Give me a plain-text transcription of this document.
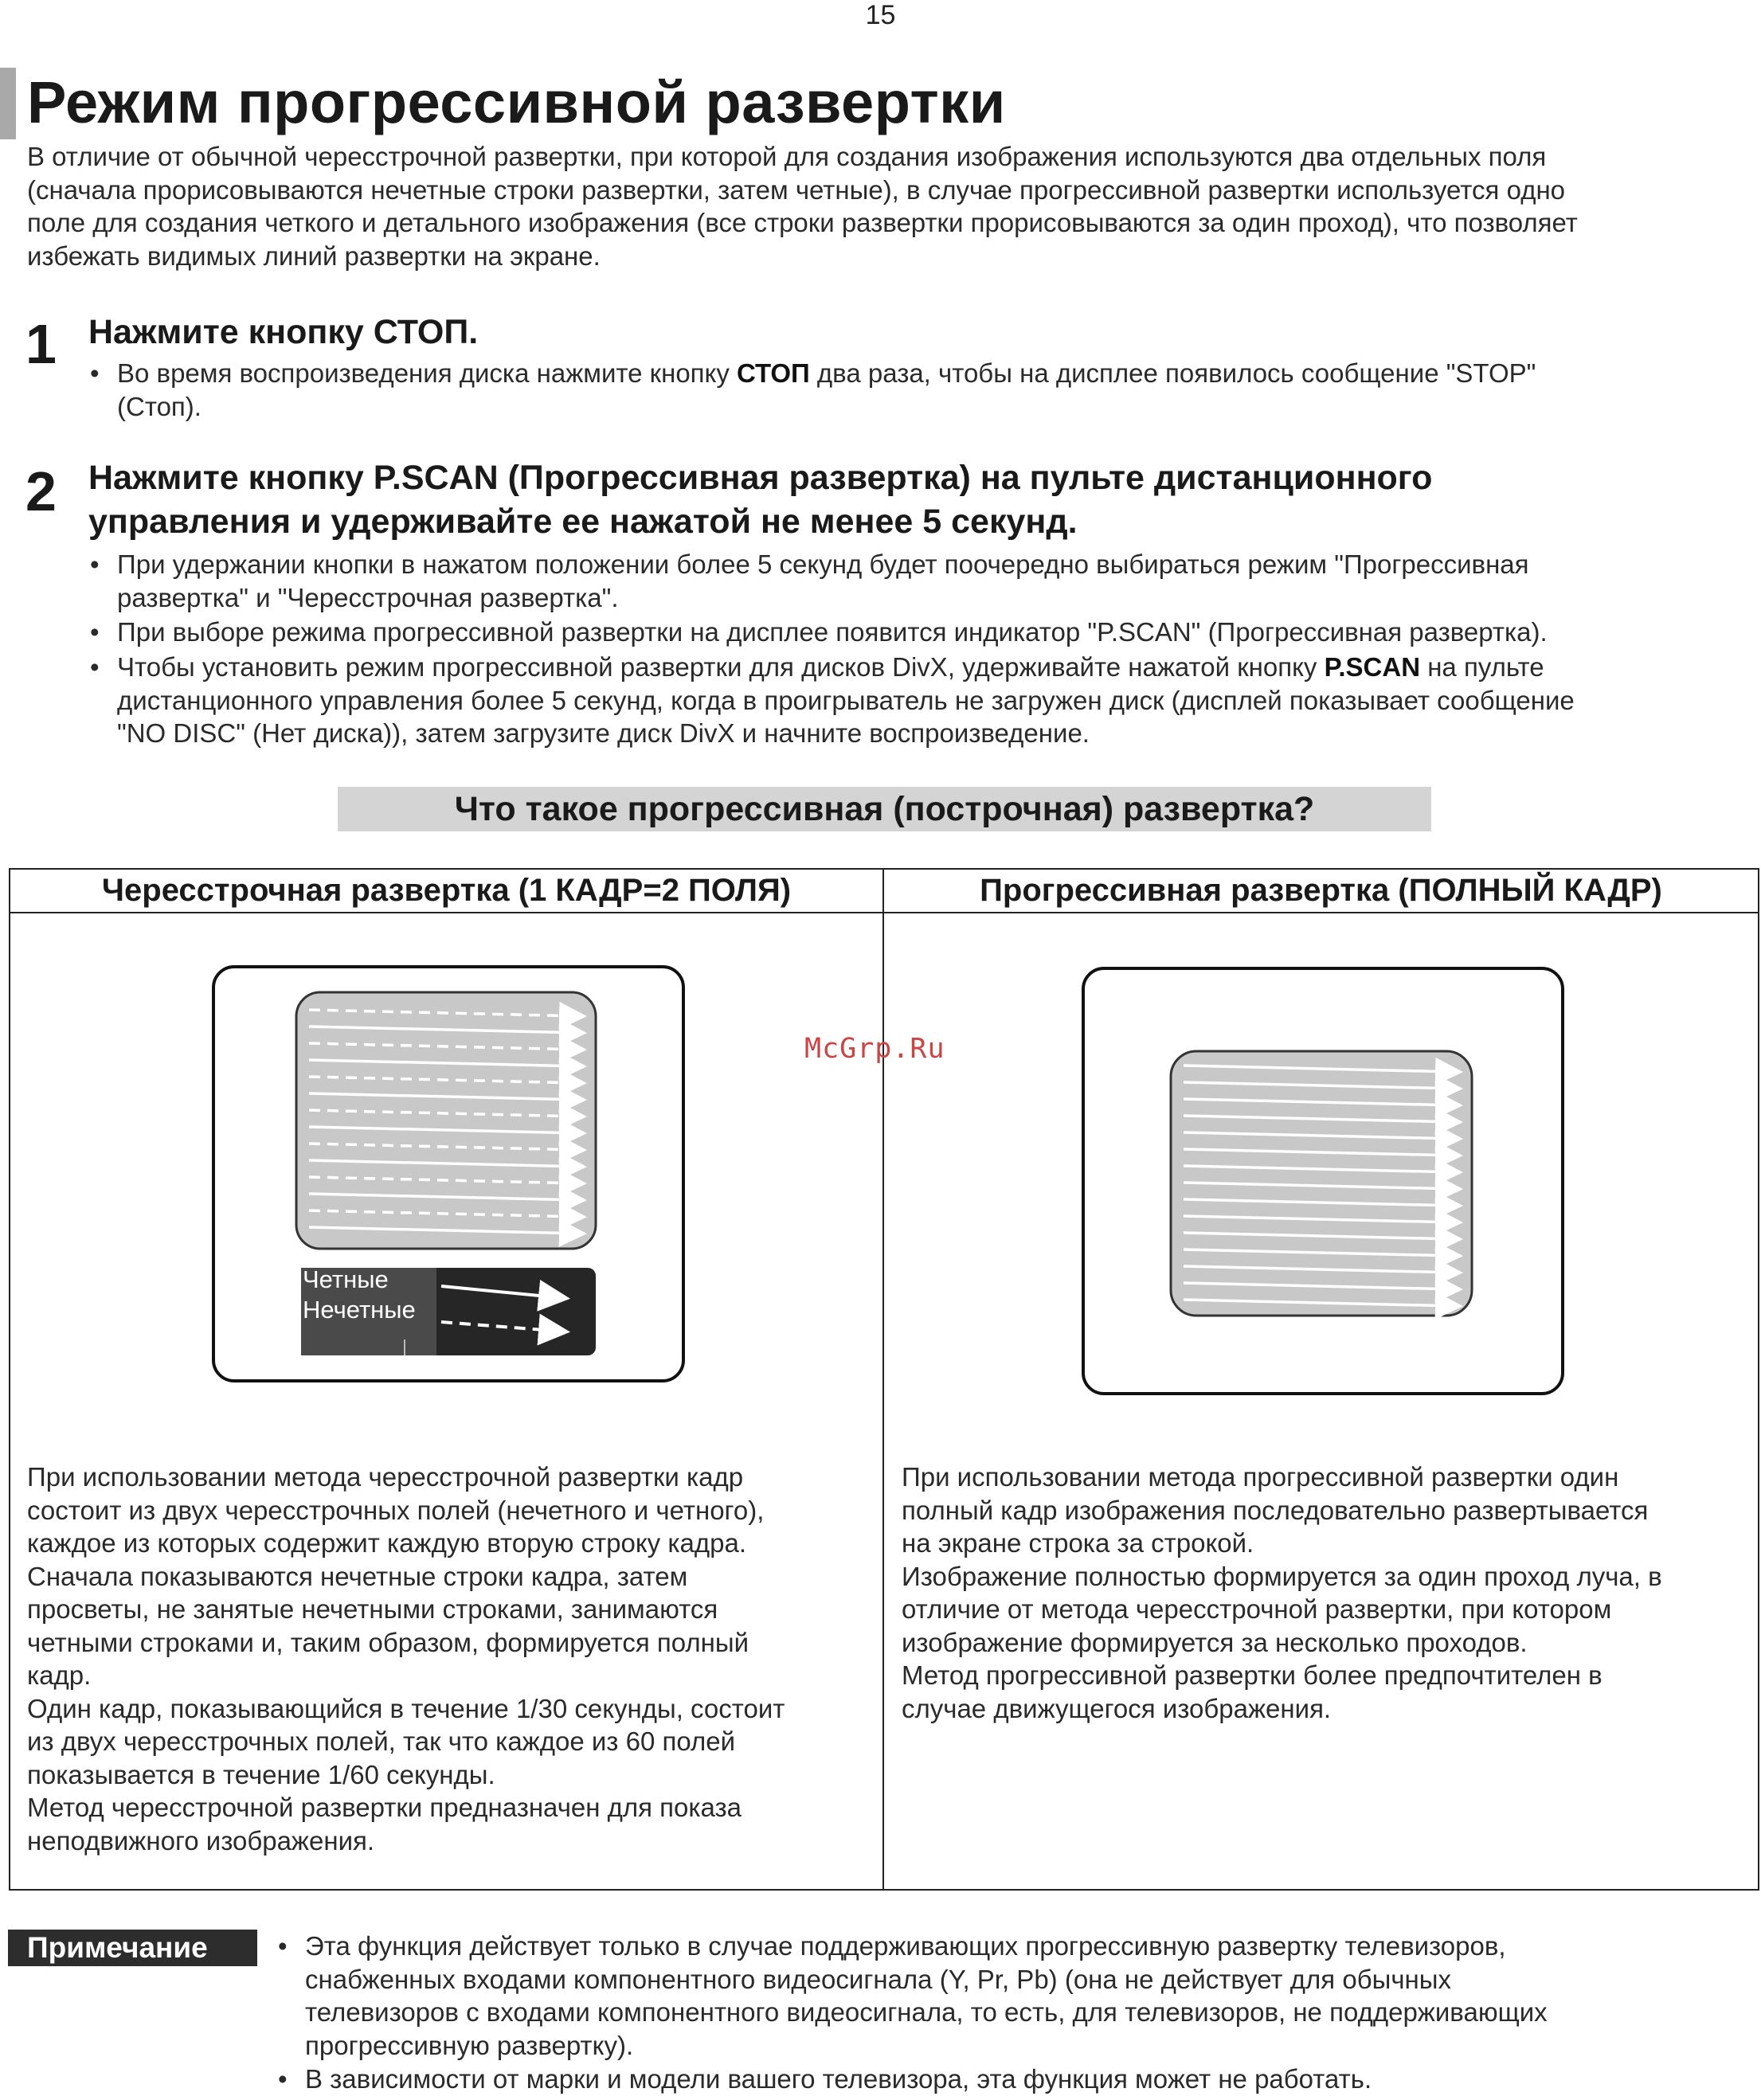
15
Режим прогрессивной развертки
В отличие от обычной чересстрочной развертки, при которой для создания изображения используются два отдельных поля
(сначала прорисовываются нечетные строки развертки, затем четные), в случае прогрессивной развертки используется одно
поле для создания четкого и детального изображения (все строки развертки прорисовываются за один проход), что позволяет
избежать видимых линий развертки на экране.
1 Нажмите кнопку СТОП.
• Во время воспроизведения диска нажмите кнопку СТОП два раза, чтобы на дисплее появилось сообщение "STOP"
(Стоп).
2 Нажмите кнопку P.SCAN (Прогрессивная развертка) на пульте дистанционного
управления и удерживайте ее нажатой не менее 5 секунд.
• При удержании кнопки в нажатом положении более 5 секунд будет поочередно выбираться режим "Прогрессивная
развертка" и "Чересстрочная развертка".
• При выборе режима прогрессивной развертки на дисплее появится индикатор "P.SCAN" (Прогрессивная развертка).
• Чтобы установить режим прогрессивной развертки для дисков DivX, удерживайте нажатой кнопку P.SCAN на пульте
дистанционного управления более 5 секунд, когда в проигрыватель не загружен диск (дисплей показывает сообщение
"NO DISC" (Нет диска)), затем загрузите диск DivX и начните воспроизведение.
Что такое прогрессивная (построчная) развертка?
Чересстрочная развертка (1 КАДР=2 ПОЛЯ)	Прогрессивная развертка (ПОЛНЫЙ КАДР)
Четные
Нечетные
McGrp.Ru
При использовании метода чересстрочной развертки кадр
состоит из двух чересстрочных полей (нечетного и четного),
каждое из которых содержит каждую вторую строку кадра.
Сначала показываются нечетные строки кадра, затем
просветы, не занятые нечетными строками, занимаются
четными строками и, таким образом, формируется полный
кадр.
Один кадр, показывающийся в течение 1/30 секунды, состоит
из двух чересстрочных полей, так что каждое из 60 полей
показывается в течение 1/60 секунды.
Метод чересстрочной развертки предназначен для показа
неподвижного изображения.
При использовании метода прогрессивной развертки один
полный кадр изображения последовательно развертывается
на экране строка за строкой.
Изображение полностью формируется за один проход луча, в
отличие от метода чересстрочной развертки, при котором
изображение формируется за несколько проходов.
Метод прогрессивной развертки более предпочтителен в
случае движущегося изображения.
Примечание	• Эта функция действует только в случае поддерживающих прогрессивную развертку телевизоров,
снабженных входами компонентного видеосигнала (Y, Pr, Pb) (она не действует для обычных
телевизоров с входами компонентного видеосигнала, то есть, для телевизоров, не поддерживающих
прогрессивную развертку).
• В зависимости от марки и модели вашего телевизора, эта функция может не работать.
